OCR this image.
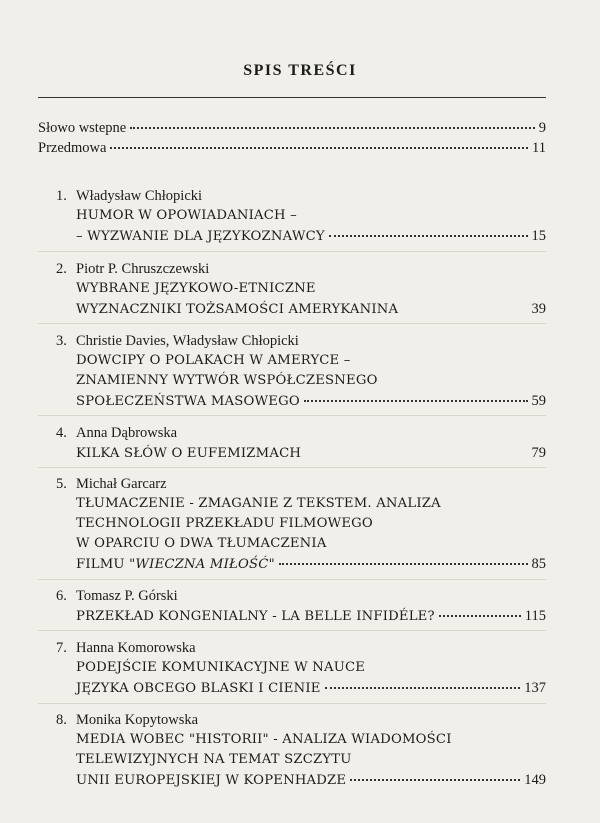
SPIS TREŚCI
Słowo wstepne	9
Przedmowa	11
1. Władysław Chłopicki
HUMOR W OPOWIADANIACH –
– WYZWANIE DLA JĘZYKOZNAWCY	15
2. Piotr P. Chruszczewski
WYBRANE JĘZYKOWO-ETNICZNE
WYZNACZNIKI TOŻSAMOŚCI AMERYKANINA	39
3. Christie Davies, Władysław Chłopicki
DOWCIPY O POLAKACH W AMERYCE –
ZNAMIENNY WYTWÓR WSPÓŁCZESNEGO
SPOŁECZEŃSTWA MASOWEGO	59
4. Anna Dąbrowska
KILKA SŁÓW O EUFEMIZMACH	79
5. Michał Garcarz
TŁUMACZENIE - ZMAGANIE Z TEKSTEM. ANALIZA
TECHNOLOGII PRZEKŁADU FILMOWEGO
W OPARCIU O DWA TŁUMACZENIA
FILMU "WIECZNA MIŁOŚĆ"	85
6. Tomasz P. Górski
PRZEKŁAD KONGENIALNY - LA BELLE INFIDÉLE?	115
7. Hanna Komorowska
PODEJŚCIE KOMUNIKACYJNE W NAUCE
JĘZYKA OBCEGO BLASKI I CIENIE	137
8. Monika Kopytowska
MEDIA WOBEC "HISTORII" - ANALIZA WIADOMOŚCI
TELEWIZYJNYCH NA TEMAT SZCZYTU
UNII EUROPEJSKIEJ W KOPENHADZE	149
